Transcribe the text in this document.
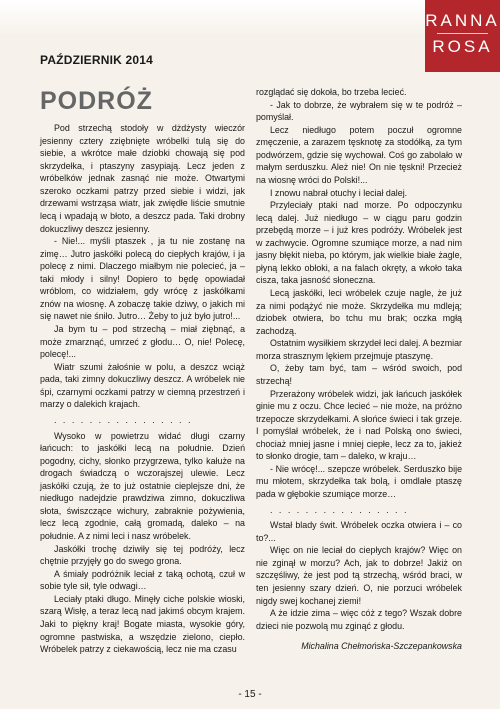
RANNA
ROSA
PAŹDZIERNIK 2014
PODRÓŻ

Pod strzechą stodoły w dżdżysty wieczór jesienny cztery zziębnięte wróbelki tulą się do siebie, a wkrótce małe dziobki chowają się pod skrzydełka, i ptaszyny zasypiają. Lecz jeden z wróbelków jednak zasnąć nie może. Otwartymi szeroko oczkami patrzy przed siebie i widzi, jak drzewami wstrząsa wiatr, jak zwiędłe liście smutnie lecą i wpadają w błoto, a deszcz pada. Taki drobny dokuczliwy deszcz jesienny.

- Nie!... myśli ptaszek , ja tu nie zostanę na zimę… Jutro jaskółki polecą do ciepłych krajów, i ja polecę z nimi. Dlaczego miałbym nie polecieć, ja – taki młody i silny! Dopiero to będę opowiadał wróblom, co widziałem, gdy wrócę z jaskółkami znów na wiosnę. A zobaczę takie dziwy, o jakich mi się nawet nie śniło. Jutro… Żeby to już było jutro!...

Ja bym tu – pod strzechą – miał ziębnąć, a może zmarznąć, umrzeć z głodu… O, nie! Polecę, polecę!...

Wiatr szumi żałośnie w polu, a deszcz wciąż pada, taki zimny dokuczliwy deszcz. A wróbelek nie śpi, czarnymi oczkami patrzy w ciemną przestrzeń i marzy o dalekich krajach.

. . . . . . . . . . . . . . . .

Wysoko w powietrzu widać długi czarny łańcuch: to jaskółki lecą na południe. Dzień pogodny, cichy, słonko przygrzewa, tylko kałuże na drogach świadczą o wczorajszej ulewie. Lecz jaskółki czują, że to już ostatnie cieplejsze dni, że niedługo nadejdzie prawdziwa zimno, dokuczliwa słota, świszczące wichury, zabraknie pożywienia, lecz lecą zgodnie, całą gromadą, daleko – na południe. A z nimi leci i nasz wróbelek.

Jaskółki trochę dziwiły się tej podróży, lecz chętnie przyjęły go do swego grona.

A śmiały podróżnik leciał z taką ochotą, czuł w sobie tyle sił, tyle odwagi…

Leciały ptaki długo. Minęły ciche polskie wioski, szarą Wisłę, a teraz lecą nad jakimś obcym krajem. Jaki to piękny kraj! Bogate miasta, wysokie góry, ogromne pastwiska, a wszędzie zielono, ciepło. Wróbelek patrzy z ciekawością, lecz nie ma czasu

rozglądać się dokoła, bo trzeba lecieć.

- Jak to dobrze, że wybrałem się w te podróż – pomyślał.

Lecz niedługo potem poczuł ogromne zmęczenie, a zarazem tęsknotę za stodółką, za tym podwórzem, gdzie się wychował. Coś go zabolało w małym serduszku. Ależ nie! On nie tęskni! Przecież na wiosnę wróci do Polski!...

I znowu nabrał otuchy i leciał dalej.

Przyleciały ptaki nad morze. Po odpoczynku lecą dalej. Już niedługo – w ciągu paru godzin przebędą morze – i już kres podróży. Wróbelek jest w zachwycie. Ogromne szumiące morze, a nad nim jasny błękit nieba, po którym, jak wielkie białe żagle, płyną lekko obłoki, a na falach okręty, a wkoło taka cisza, taka jasność słoneczna.

Lecą jaskółki, leci wróbelek czuje nagle, że już za nimi podążyć nie może. Skrzydełka mu mdleją; dziobek otwiera, bo tchu mu brak; oczka mgłą zachodzą.

Ostatnim wysiłkiem skrzydeł leci dalej. A bezmiar morza strasznym lękiem przejmuje ptaszynę.

O, żeby tam być, tam – wśród swoich, pod strzechą!

Przerażony wróbelek widzi, jak łańcuch jaskółek ginie mu z oczu. Chce lecieć – nie może, na próżno trzepocze skrzydełkami. A słońce świeci i tak grzeje. I pomyślał wróbelek, że i nad Polską ono świeci, chociaż mniej jasne i mniej ciepłe, lecz za to, jakież to słonko drogie, tam – daleko, w kraju…

- Nie wrócę!... szepcze wróbelek. Serduszko bije mu młotem, skrzydełka tak bolą, i omdlałe ptaszę pada w głębokie szumiące morze…

. . . . . . . . . . . . . . . .

Wstał blady świt. Wróbelek oczka otwiera i – co to?...

Więc on nie leciał do ciepłych krajów? Więc on nie zginął w morzu? Ach, jak to dobrze! Jakiż on szczęśliwy, że jest pod tą strzechą, wśród braci, w ten jesienny szary dzień. O, nie porzuci wróbelek nigdy swej kochanej ziemi!

A że idzie zima – więc cóż z tego? Wszak dobre dzieci nie pozwolą mu zginąć z głodu.

Michalina Chełmońska-Szczepankowska

- 15 -
